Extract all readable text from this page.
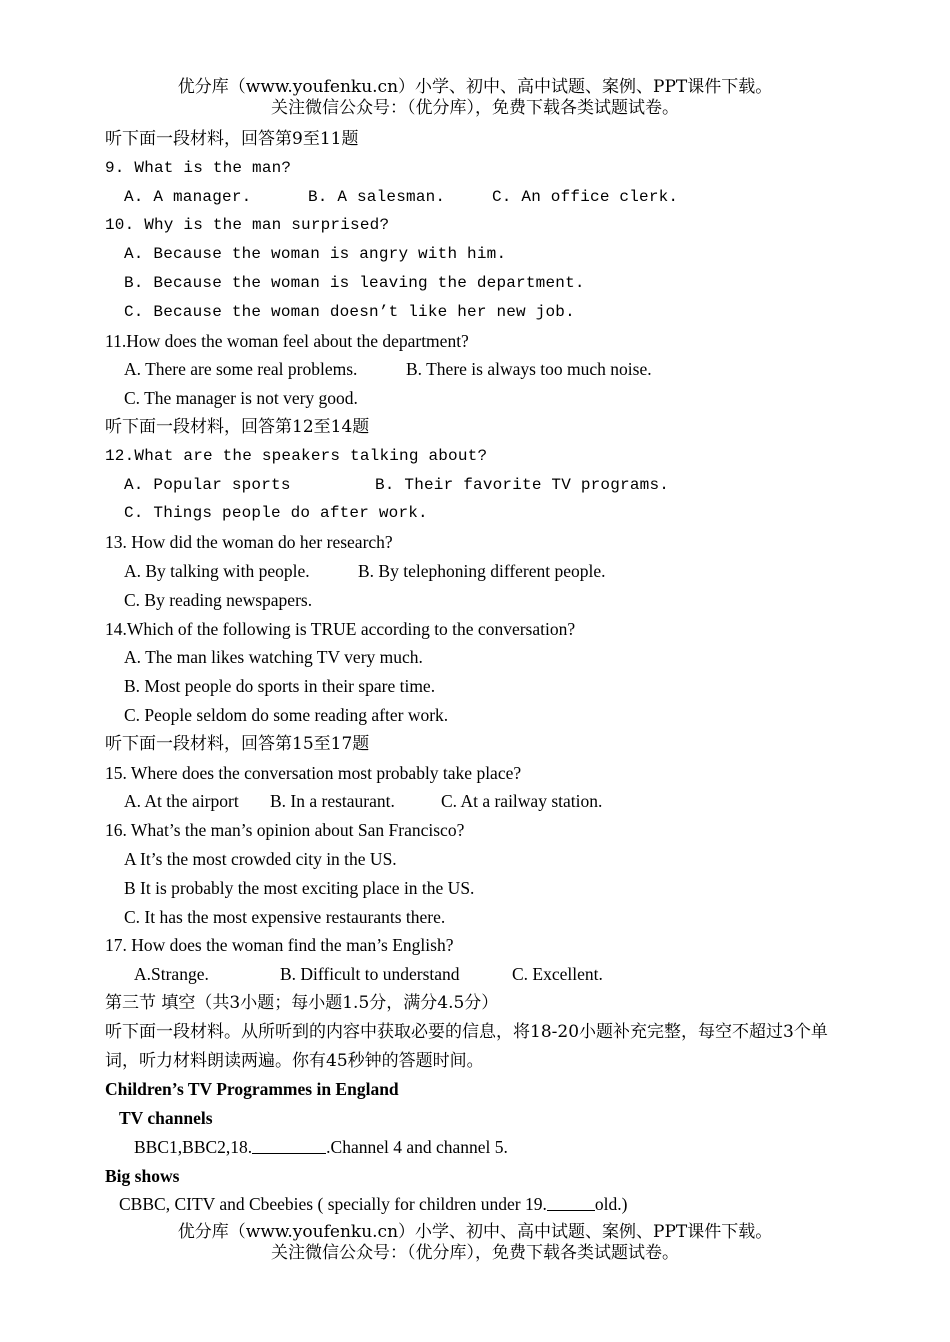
优分库（www.youfenku.cn）小学、初中、高中试题、案例、PPT课件下载。
关注微信公众号：（优分库），免费下载各类试题试卷。
听下面一段材料，回答第9至11题
9. What is the man?
A. A manager.	B. A salesman.	C. An office clerk.
10. Why is the man surprised?
A. Because the woman is angry with him.
B. Because the woman is leaving the department.
C. Because the woman doesn’t like her new job.
11.How does the woman feel about the department?
A. There are some real problems.	B. There is always too much noise.
C. The manager is not very good.
听下面一段材料，回答第12至14题
12.What are the speakers talking about?
A. Popular sports	B. Their favorite TV programs.
C. Things people do after work.
13. How did the woman do her research?
A. By talking with people.	B. By telephoning different people.
C. By reading newspapers.
14.Which of the following is TRUE according to the conversation?
A. The man likes watching TV very much.
B. Most people do sports in their spare time.
C. People seldom do some reading after work.
听下面一段材料，回答第15至17题
15. Where does the conversation most probably take place?
A. At the airport B. In a restaurant.	C. At a railway station.
16. What’s the man’s opinion about San Francisco?
A It’s the most crowded city in the US.
B It is probably the most exciting place in the US.
C. It has the most expensive restaurants there.
17. How does the woman find the man’s English?
A.Strange.	B. Difficult to understand	C. Excellent.
第三节 填空（共3小题；每小题1.5分，满分4.5分）
听下面一段材料。从所听到的内容中获取必要的信息，将18-20小题补充完整，每空不超过3个单词，听力材料朗读两遍。你有45秒钟的答题时间。
Children’s TV Programmes in England
TV channels
BBC1,BBC2,18.	.Channel 4 and channel 5.
Big shows
CBBC, CITV and Cbeebies ( specially for children under 19.	old.)
优分库（www.youfenku.cn）小学、初中、高中试题、案例、PPT课件下载。
关注微信公众号：（优分库），免费下载各类试题试卷。
